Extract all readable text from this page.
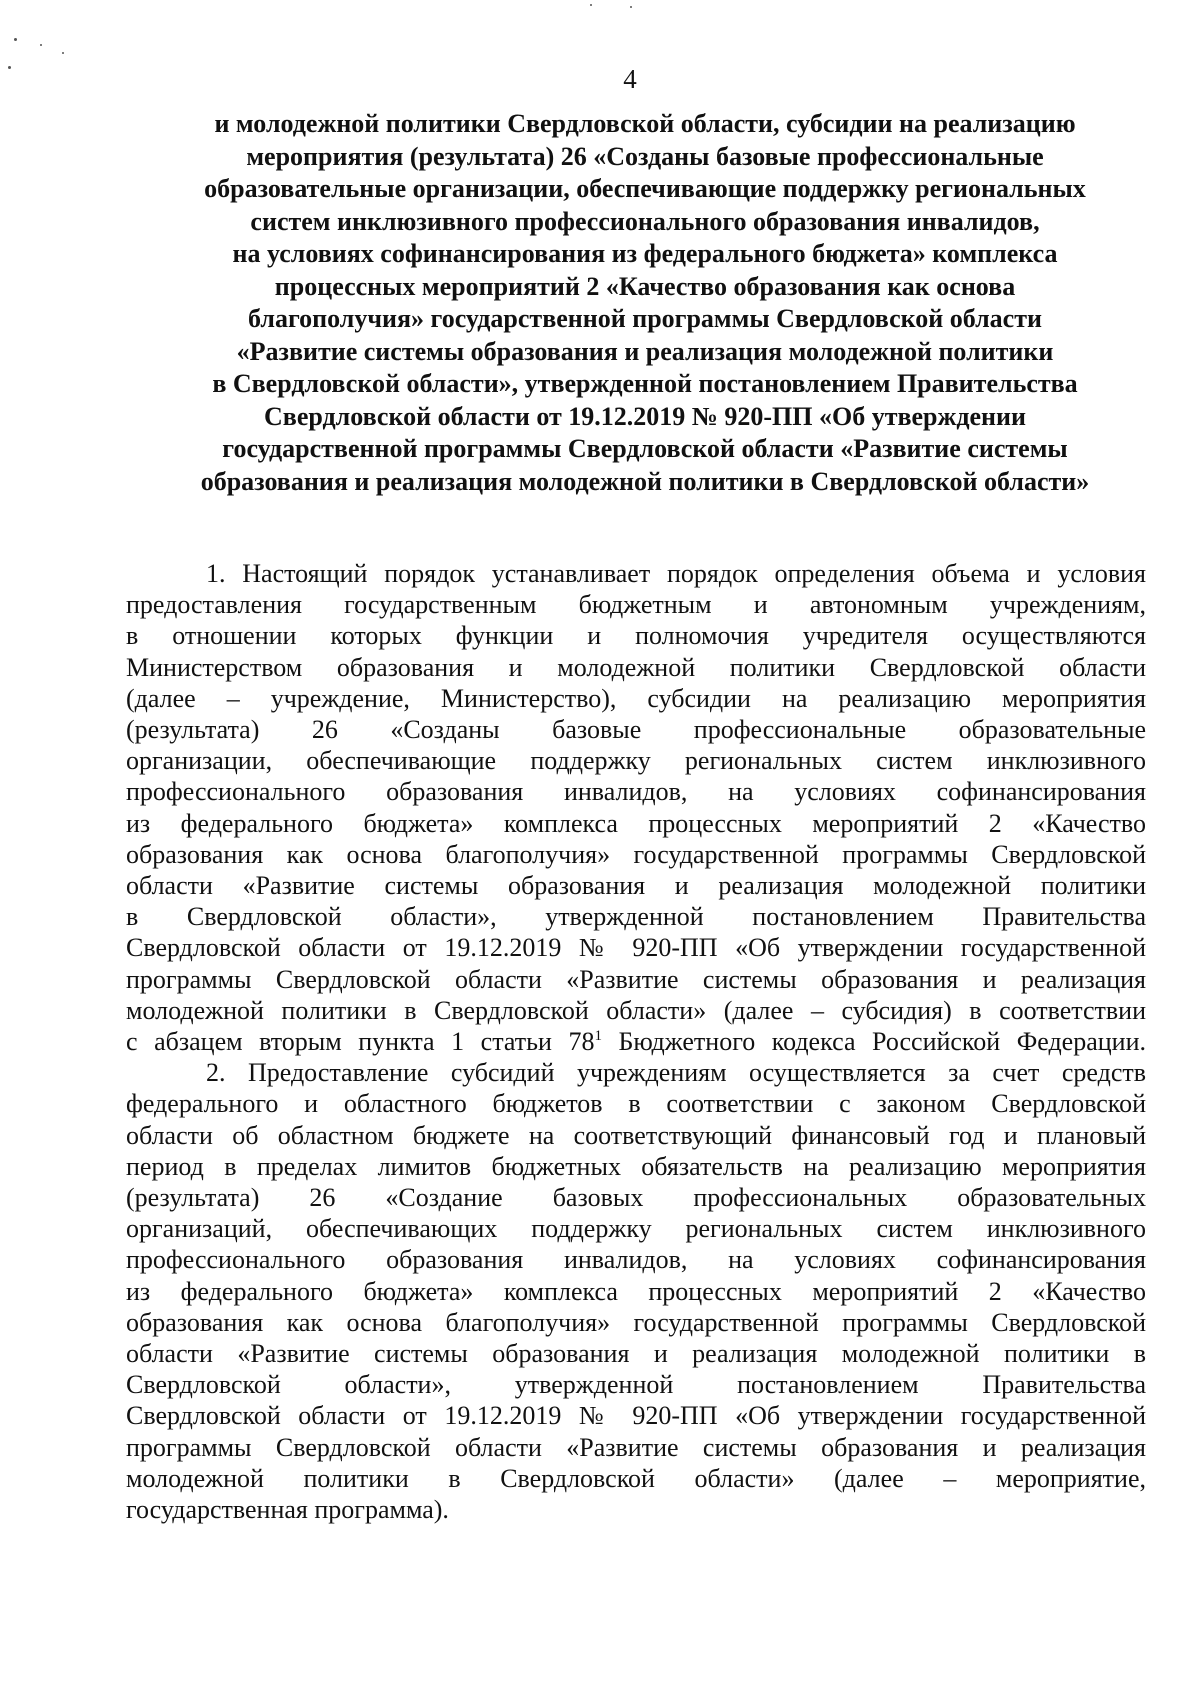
4
и молодежной политики Свердловской области, субсидии на реализацию
мероприятия (результата) 26 «Созданы базовые профессиональные
образовательные организации, обеспечивающие поддержку региональных
систем инклюзивного профессионального образования инвалидов,
на условиях софинансирования из федерального бюджета» комплекса
процессных мероприятий 2 «Качество образования как основа
благополучия» государственной программы Свердловской области
«Развитие системы образования и реализация молодежной политики
в Свердловской области», утвержденной постановлением Правительства
Свердловской области от 19.12.2019 № 920-ПП «Об утверждении
государственной программы Свердловской области «Развитие системы
образования и реализация молодежной политики в Свердловской области»
1. Настоящий порядок устанавливает порядок определения объема и условия
предоставления государственным бюджетным и автономным учреждениям,
в отношении которых функции и полномочия учредителя осуществляются
Министерством образования и молодежной политики Свердловской области
(далее – учреждение, Министерство), субсидии на реализацию мероприятия
(результата) 26 «Созданы базовые профессиональные образовательные
организации, обеспечивающие поддержку региональных систем инклюзивного
профессионального образования инвалидов, на условиях софинансирования
из федерального бюджета» комплекса процессных мероприятий 2 «Качество
образования как основа благополучия» государственной программы Свердловской
области «Развитие системы образования и реализация молодежной политики
в Свердловской области», утвержденной постановлением Правительства
Свердловской области от 19.12.2019 № 920-ПП «Об утверждении государственной
программы Свердловской области «Развитие системы образования и реализация
молодежной политики в Свердловской области» (далее – субсидия) в соответствии
с абзацем вторым пункта 1 статьи $78^1$ Бюджетного кодекса Российской Федерации.
2. Предоставление субсидий учреждениям осуществляется за счет средств
федерального и областного бюджетов в соответствии с законом Свердловской
области об областном бюджете на соответствующий финансовый год и плановый
период в пределах лимитов бюджетных обязательств на реализацию мероприятия
(результата) 26 «Создание базовых профессиональных образовательных
организаций, обеспечивающих поддержку региональных систем инклюзивного
профессионального образования инвалидов, на условиях софинансирования
из федерального бюджета» комплекса процессных мероприятий 2 «Качество
образования как основа благополучия» государственной программы Свердловской
области «Развитие системы образования и реализация молодежной политики в
Свердловской области», утвержденной постановлением Правительства
Свердловской области от 19.12.2019 № 920-ПП «Об утверждении государственной
программы Свердловской области «Развитие системы образования и реализация
молодежной политики в Свердловской области» (далее – мероприятие,
государственная программа).
